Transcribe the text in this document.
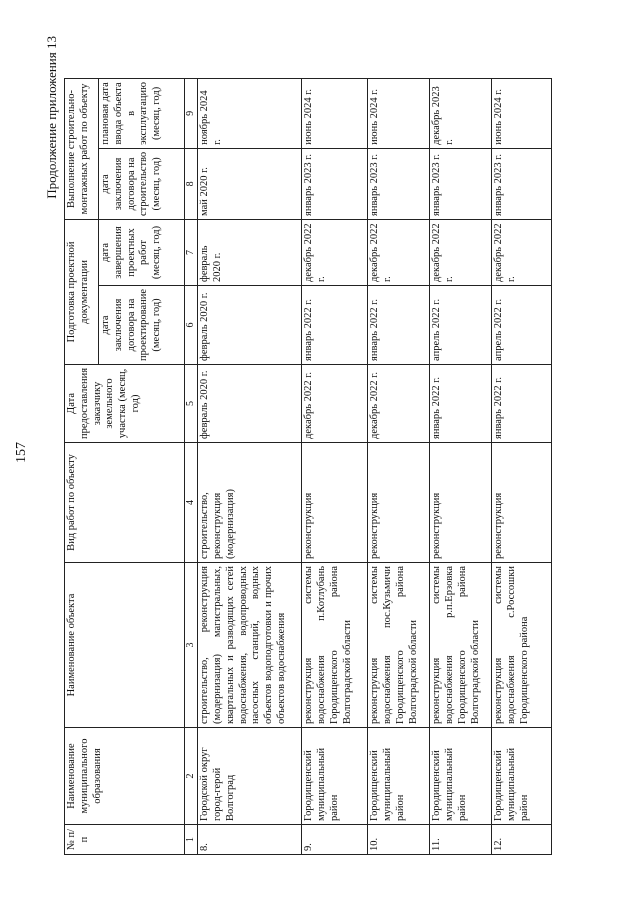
157
Продолжение приложения 13
№ п/п	Наименование муниципального образования	Наименование объекта	Вид работ по объекту	Дата предоставления заказчику земельного участка (месяц, год)	Подготовка проектной документации		Выполнение строительно-монтажных работ по объекту	
					дата заключения договора на проектирование (месяц, год)	дата завершения проектных работ (месяц, год)	дата заключения договора на строительство (месяц, год)	плановая дата ввода объекта в эксплуатацию (месяц, год)
1	2	3	4	5	6	7	8	9
8.	Городской округ город-герой Волгоград	строительство, реконструкция (модернизация) магистральных, квартальных и разводящих сетей водоснабжения, водопроводных насосных станций, водных объектов водоподготовки и прочих объектов водоснабжения	строительство, реконструкция (модернизация)	февраль 2020 г.	февраль 2020 г.	февраль 2020 г.	май 2020 г.	ноябрь 2024 г.
9.	Городищенский муниципальный район	реконструкция системы водоснабжения п.Котлубань Городищенского района Волгоградской области	реконструкция	декабрь 2022 г.	январь 2022 г.	декабрь 2022 г.	январь 2023 г.	июнь 2024 г.
10.	Городищенский муниципальный район	реконструкция системы водоснабжения пос.Кузьмичи Городищенского района Волгоградской области	реконструкция	декабрь 2022 г.	январь 2022 г.	декабрь 2022 г.	январь 2023 г.	июнь 2024 г.
11.	Городищенский муниципальный район	реконструкция системы водоснабжения р.п.Ерзовка Городищенского района Волгоградской области	реконструкция	январь 2022 г.	апрель 2022 г.	декабрь 2022 г.	январь 2023 г.	декабрь 2023 г.
12.	Городищенский муниципальный район	реконструкция системы водоснабжения с.Россошки Городищенского района	реконструкция	январь 2022 г.	апрель 2022 г.	декабрь 2022 г.	январь 2023 г.	июнь 2024 г.
